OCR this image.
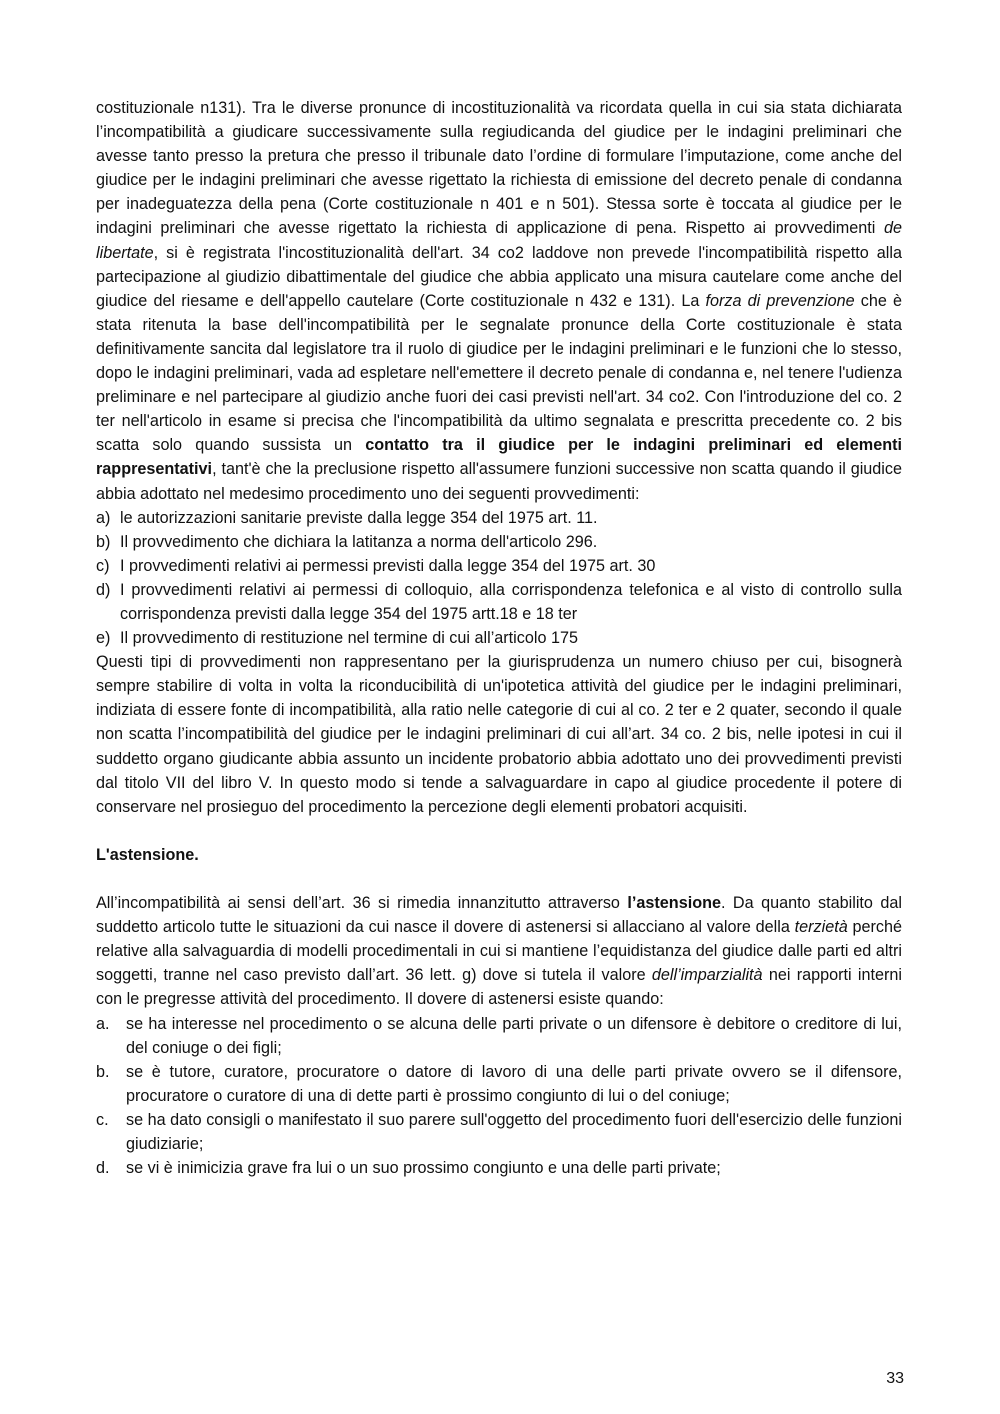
costituzionale n131). Tra le diverse pronunce di incostituzionalità va ricordata quella in cui sia stata dichiarata l’incompatibilità a giudicare successivamente sulla regiudicanda del giudice per le indagini preliminari che avesse tanto presso la pretura che presso il tribunale dato l’ordine di formulare l’imputazione, come anche del giudice per le indagini preliminari che avesse rigettato la richiesta di emissione del decreto penale di condanna per inadeguatezza della pena (Corte costituzionale n 401 e n 501). Stessa sorte è toccata al giudice per le indagini preliminari che avesse rigettato la richiesta di applicazione di pena. Rispetto ai provvedimenti de libertate, si è registrata l'incostituzionalità dell'art. 34 co2 laddove non prevede l'incompatibilità rispetto alla partecipazione al giudizio dibattimentale del giudice che abbia applicato una misura cautelare come anche del giudice del riesame e dell'appello cautelare (Corte costituzionale n 432 e 131). La forza di prevenzione che è stata ritenuta la base dell'incompatibilità per le segnalate pronunce della Corte costituzionale è stata definitivamente sancita dal legislatore tra il ruolo di giudice per le indagini preliminari e le funzioni che lo stesso, dopo le indagini preliminari, vada ad espletare nell'emettere il decreto penale di condanna e, nel tenere l'udienza preliminare e nel partecipare al giudizio anche fuori dei casi previsti nell'art. 34 co2. Con l'introduzione del co. 2 ter nell'articolo in esame si precisa che l'incompatibilità da ultimo segnalata e prescritta precedente co. 2 bis scatta solo quando sussista un contatto tra il giudice per le indagini preliminari ed elementi rappresentativi, tant'è che la preclusione rispetto all'assumere funzioni successive non scatta quando il giudice abbia adottato nel medesimo procedimento uno dei seguenti provvedimenti:

a) le autorizzazioni sanitarie previste dalla legge 354 del 1975 art. 11.
b) Il provvedimento che dichiara la latitanza a norma dell'articolo 296.
c) I provvedimenti relativi ai permessi previsti dalla legge 354 del 1975 art. 30
d) I provvedimenti relativi ai permessi di colloquio, alla corrispondenza telefonica e al visto di controllo sulla corrispondenza previsti dalla legge 354 del 1975 artt.18 e 18 ter
e) Il provvedimento di restituzione nel termine di cui all’articolo 175

Questi tipi di provvedimenti non rappresentano per la giurisprudenza un numero chiuso per cui, bisognerà sempre stabilire di volta in volta la riconducibilità di un'ipotetica attività del giudice per le indagini preliminari, indiziata di essere fonte di incompatibilità, alla ratio nelle categorie di cui al co. 2 ter e 2 quater, secondo il quale non scatta l’incompatibilità del giudice per le indagini preliminari di cui all’art. 34 co. 2 bis, nelle ipotesi in cui il suddetto organo giudicante abbia assunto un incidente probatorio abbia adottato uno dei provvedimenti previsti dal titolo VII del libro V. In questo modo si tende a salvaguardare in capo al giudice procedente il potere di conservare nel prosieguo del procedimento la percezione degli elementi probatori acquisiti.

L'astensione.

All’incompatibilità ai sensi dell’art. 36 si rimedia innanzitutto attraverso l’astensione. Da quanto stabilito dal suddetto articolo tutte le situazioni da cui nasce il dovere di astenersi si allacciano al valore della terzietà perché relative alla salvaguardia di modelli procedimentali in cui si mantiene l’equidistanza del giudice dalle parti ed altri soggetti, tranne nel caso previsto dall’art. 36 lett. g) dove si tutela il valore dell’imparzialità nei rapporti interni con le pregresse attività del procedimento. Il dovere di astenersi esiste quando:

a. se ha interesse nel procedimento o se alcuna delle parti private o un difensore è debitore o creditore di lui, del coniuge o dei figli;
b. se è tutore, curatore, procuratore o datore di lavoro di una delle parti private ovvero se il difensore, procuratore o curatore di una di dette parti è prossimo congiunto di lui o del coniuge;
c. se ha dato consigli o manifestato il suo parere sull'oggetto del procedimento fuori dell'esercizio delle funzioni giudiziarie;
d. se vi è inimicizia grave fra lui o un suo prossimo congiunto e una delle parti private;
33
